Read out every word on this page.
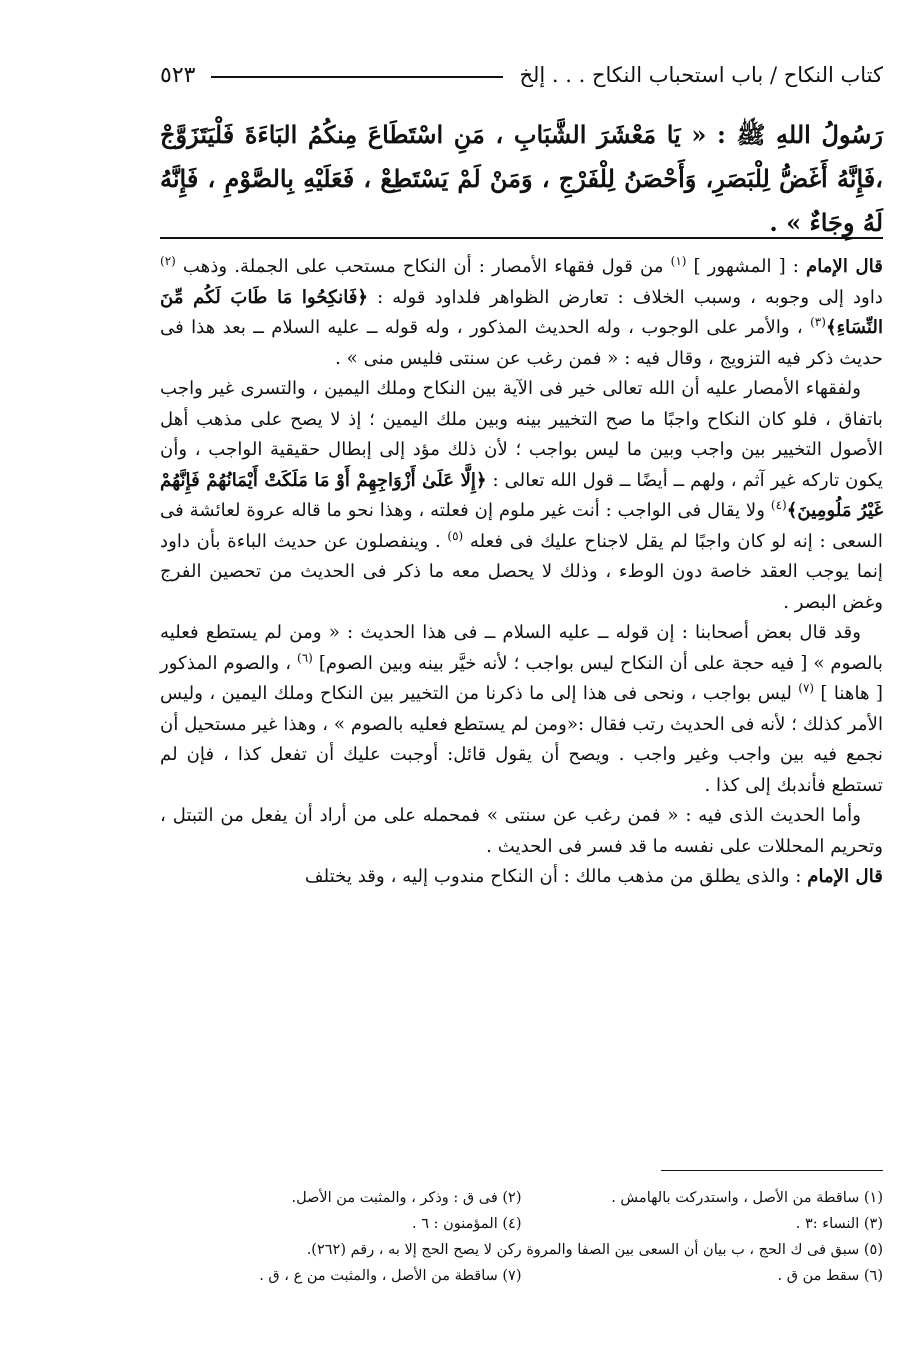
كتاب النكاح / باب استحباب النكاح . . . إلخ
٥٢٣
رَسُولُ اللهِ ﷺ : « يَا مَعْشَرَ الشَّبَابِ ، مَنِ اسْتَطَاعَ مِنكُمُ البَاءَةَ فَلْيَتَزَوَّجْ ،فَإِنَّهُ أَغَضُّ لِلْبَصَرِ، وَأَحْصَنُ لِلْفَرْجِ ، وَمَنْ لَمْ يَسْتَطِعْ ، فَعَلَيْهِ بِالصَّوْمِ ، فَإِنَّهُ لَهُ وِجَاءٌ » .

قال الإمام : [ المشهور ] $^{(١)}$ من قول فقهاء الأمصار : أن النكاح مستحب على الجملة. وذهب $^{(٢)}$ داود إلى وجوبه ، وسبب الخلاف : تعارض الظواهر فلداود قوله : ﴿فَانكِحُوا مَا طَابَ لَكُم مِّنَ النِّسَاءِ﴾$^{(٣)}$ ، والأمر على الوجوب ، وله الحديث المذكور ، وله قوله ــ عليه السلام ــ بعد هذا فى حديث ذكر فيه التزويج ، وقال فيه : « فمن رغب عن سنتى فليس منى » .

ولفقهاء الأمصار عليه أن الله تعالى خير فى الآية بين النكاح وملك اليمين ، والتسرى غير واجب باتفاق ، فلو كان النكاح واجبًا ما صح التخيير بينه وبين ملك اليمين ؛ إذ لا يصح على مذهب أهل الأصول التخيير بين واجب وبين ما ليس بواجب ؛ لأن ذلك مؤد إلى إبطال حقيقية الواجب ، وأن يكون تاركه غير آثم ، ولهم ــ أيضًا ــ قول الله تعالى : ﴿إِلَّا عَلَىٰ أَزْوَاجِهِمْ أَوْ مَا مَلَكَتْ أَيْمَانُهُمْ فَإِنَّهُمْ غَيْرُ مَلُومِينَ﴾$^{(٤)}$ ولا يقال فى الواجب : أنت غير ملوم إن فعلته ، وهذا نحو ما قاله عروة لعائشة فى السعى : إنه لو كان واجبًا لم يقل لاجناح عليك فى فعله $^{(٥)}$ . وينفصلون عن حديث الباءة بأن داود إنما يوجب العقد خاصة دون الوطء ، وذلك لا يحصل معه ما ذكر فى الحديث من تحصين الفرج وغض البصر .

وقد قال بعض أصحابنا : إن قوله ــ عليه السلام ــ فى هذا الحديث : « ومن لم يستطع فعليه بالصوم » [ فيه حجة على أن النكاح ليس بواجب ؛ لأنه خيَّر بينه وبين الصوم] $^{(٦)}$ ، والصوم المذكور [ هاهنا ] $^{(٧)}$ ليس بواجب ، ونحى فى هذا إلى ما ذكرنا من التخيير بين النكاح وملك اليمين ، وليس الأمر كذلك ؛ لأنه فى الحديث رتب فقال :«ومن لم يستطع فعليه بالصوم » ، وهذا غير مستحيل أن نجمع فيه بين واجب وغير واجب . ويصح أن يقول قائل: أوجبت عليك أن تفعل كذا ، فإن لم تستطع فأندبك إلى كذا .

وأما الحديث الذى فيه : « فمن رغب عن سنتى » فمحمله على من أراد أن يفعل من التبتل ، وتحريم المحللات على نفسه ما قد فسر فى الحديث .

قال الإمام : والذى يطلق من مذهب مالك : أن النكاح مندوب إليه ، وقد يختلف

(١) ساقطة من الأصل ، واستدركت بالهامش .
(٢) فى ق : وذكر ، والمثبت من الأصل.
(٣) النساء :٣ .
(٤) المؤمنون : ٦ .
(٥) سبق فى ك الحج ، ب بيان أن السعى بين الصفا والمروة ركن لا يصح الحج إلا به ، رقم (٢٦٢).
(٦) سقط من ق .
(٧) ساقطة من الأصل ، والمثبت من ع ، ق .
